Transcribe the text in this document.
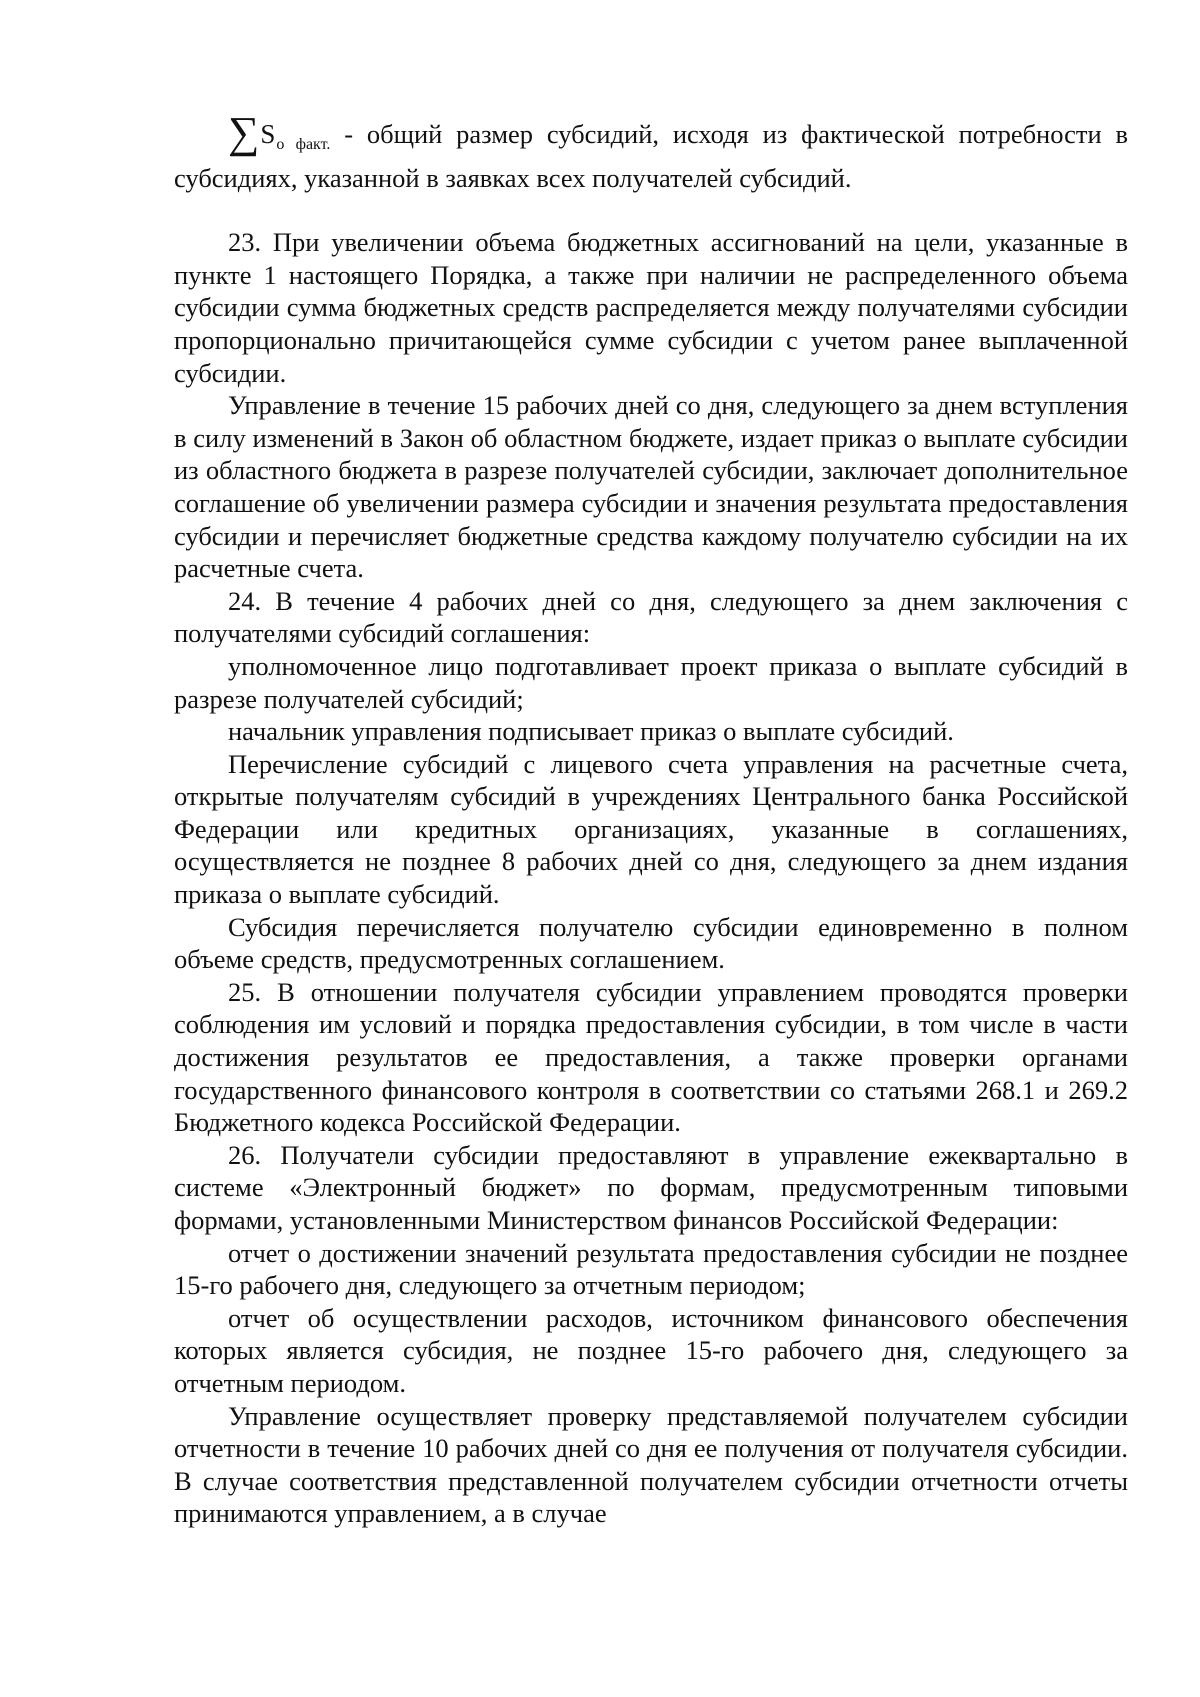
$\sum S_{о факт.}$ - общий размер субсидий, исходя из фактической потребности в субсидиях, указанной в заявках всех получателей субсидий.

23. При увеличении объема бюджетных ассигнований на цели, указанные в пункте 1 настоящего Порядка, а также при наличии не распределенного объема субсидии сумма бюджетных средств распределяется между получателями субсидии пропорционально причитающейся сумме субсидии с учетом ранее выплаченной субсидии.

Управление в течение 15 рабочих дней со дня, следующего за днем вступления в силу изменений в Закон об областном бюджете, издает приказ о выплате субсидии из областного бюджета в разрезе получателей субсидии, заключает дополнительное соглашение об увеличении размера субсидии и значения результата предоставления субсидии и перечисляет бюджетные средства каждому получателю субсидии на их расчетные счета.

24. В течение 4 рабочих дней со дня, следующего за днем заключения с получателями субсидий соглашения:

уполномоченное лицо подготавливает проект приказа о выплате субсидий в разрезе получателей субсидий;

начальник управления подписывает приказ о выплате субсидий.

Перечисление субсидий с лицевого счета управления на расчетные счета, открытые получателям субсидий в учреждениях Центрального банка Российской Федерации или кредитных организациях, указанные в соглашениях, осуществляется не позднее 8 рабочих дней со дня, следующего за днем издания приказа о выплате субсидий.

Субсидия перечисляется получателю субсидии единовременно в полном объеме средств, предусмотренных соглашением.

25. В отношении получателя субсидии управлением проводятся проверки соблюдения им условий и порядка предоставления субсидии, в том числе в части достижения результатов ее предоставления, а также проверки органами государственного финансового контроля в соответствии со статьями 268.1 и 269.2 Бюджетного кодекса Российской Федерации.

26. Получатели субсидии предоставляют в управление ежеквартально в системе «Электронный бюджет» по формам, предусмотренным типовыми формами, установленными Министерством финансов Российской Федерации:

отчет о достижении значений результата предоставления субсидии не позднее 15-го рабочего дня, следующего за отчетным периодом;

отчет об осуществлении расходов, источником финансового обеспечения которых является субсидия, не позднее 15-го рабочего дня, следующего за отчетным периодом.

Управление осуществляет проверку представляемой получателем субсидии отчетности в течение 10 рабочих дней со дня ее получения от получателя субсидии. В случае соответствия представленной получателем субсидии отчетности отчеты принимаются управлением, а в случае
